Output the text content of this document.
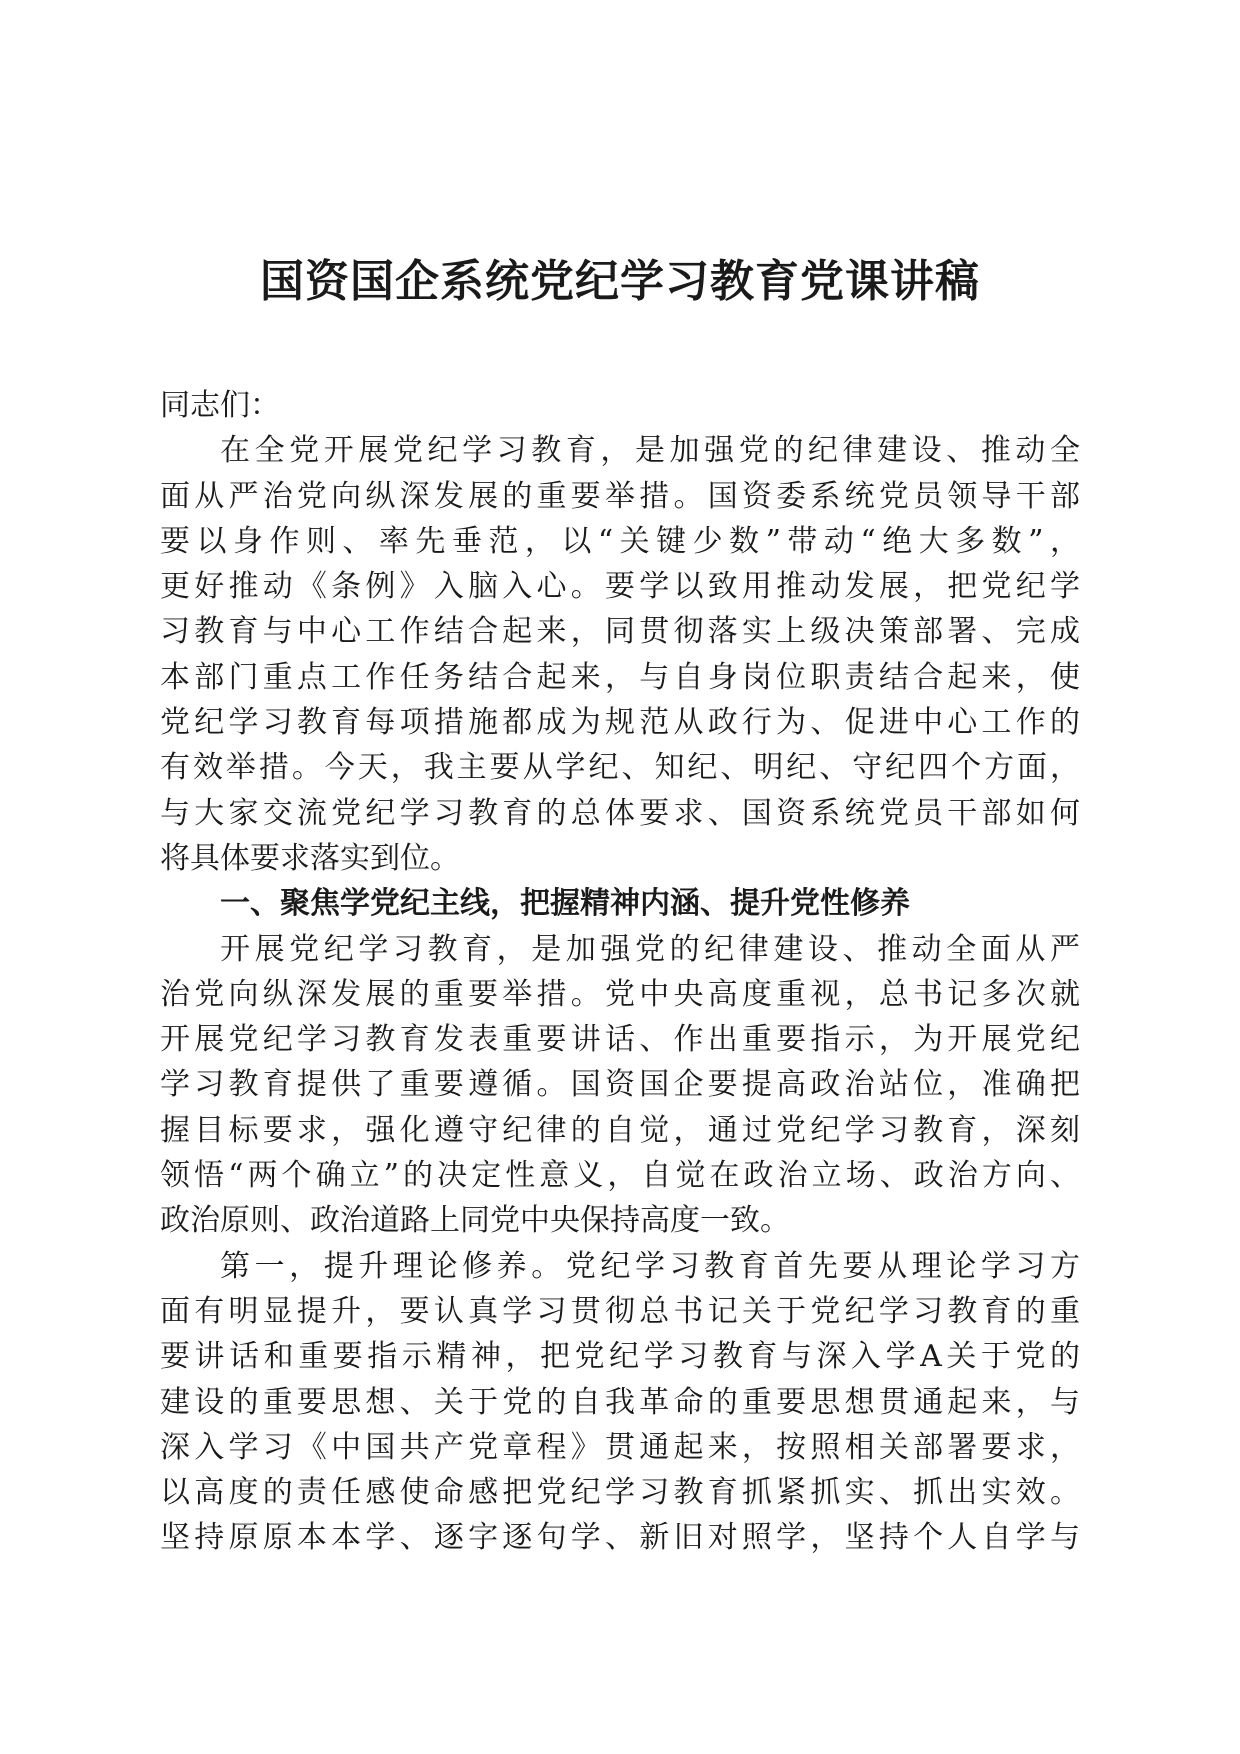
国资国企系统党纪学习教育党课讲稿
同志们：
在全党开展党纪学习教育，是加强党的纪律建设、推动全
面从严治党向纵深发展的重要举措。国资委系统党员领导干部
要以身作则、率先垂范，以“关键少数”带动“绝大多数”，
更好推动《条例》入脑入心。要学以致用推动发展，把党纪学
习教育与中心工作结合起来，同贯彻落实上级决策部署、完成
本部门重点工作任务结合起来，与自身岗位职责结合起来，使
党纪学习教育每项措施都成为规范从政行为、促进中心工作的
有效举措。今天，我主要从学纪、知纪、明纪、守纪四个方面，
与大家交流党纪学习教育的总体要求、国资系统党员干部如何
将具体要求落实到位。
一、聚焦学党纪主线，把握精神内涵、提升党性修养
开展党纪学习教育，是加强党的纪律建设、推动全面从严
治党向纵深发展的重要举措。党中央高度重视，总书记多次就
开展党纪学习教育发表重要讲话、作出重要指示，为开展党纪
学习教育提供了重要遵循。国资国企要提高政治站位，准确把
握目标要求，强化遵守纪律的自觉，通过党纪学习教育，深刻
领悟“两个确立”的决定性意义，自觉在政治立场、政治方向、
政治原则、政治道路上同党中央保持高度一致。
第一，提升理论修养。党纪学习教育首先要从理论学习方
面有明显提升，要认真学习贯彻总书记关于党纪学习教育的重
要讲话和重要指示精神，把党纪学习教育与深入学A关于党的
建设的重要思想、关于党的自我革命的重要思想贯通起来，与
深入学习《中国共产党章程》贯通起来，按照相关部署要求，
以高度的责任感使命感把党纪学习教育抓紧抓实、抓出实效。
坚持原原本本学、逐字逐句学、新旧对照学，坚持个人自学与
